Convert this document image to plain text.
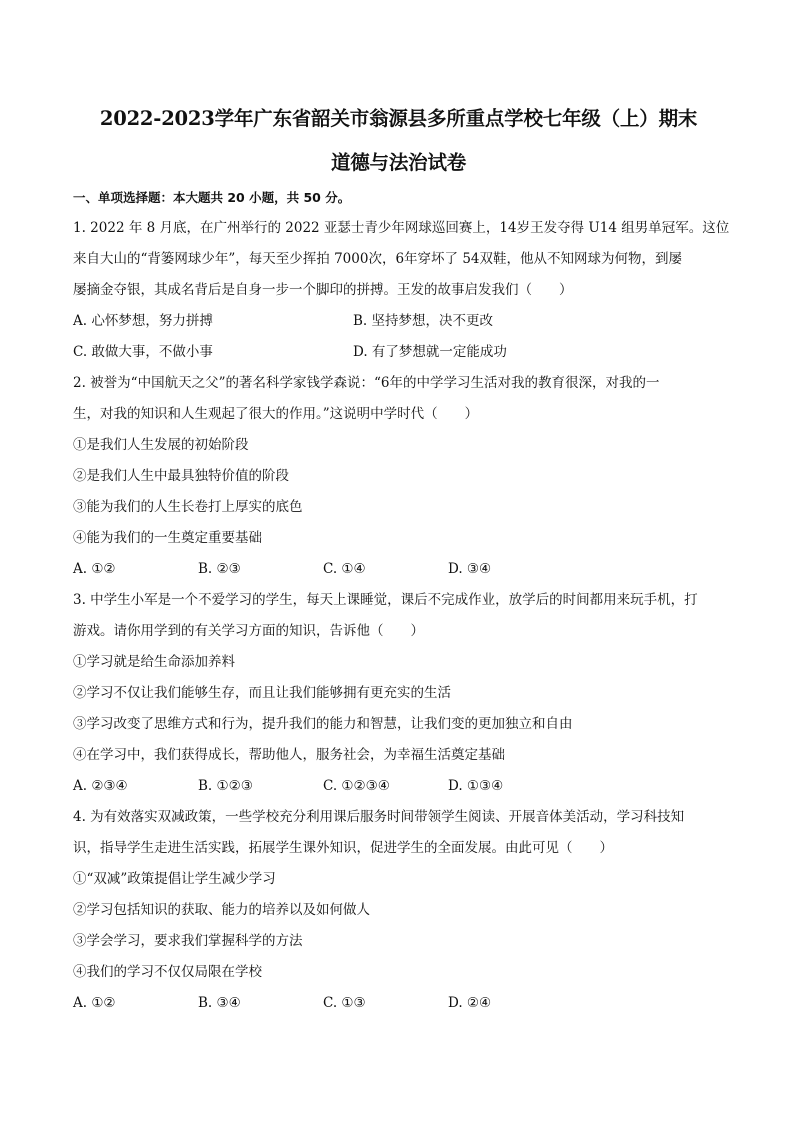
2022-2023学年广东省韶关市翁源县多所重点学校七年级（上）期末
道德与法治试卷
一、单项选择题：本大题共 20 小题，共 50 分。
1. 2022 年 8 月底，在广州举行的 2022 亚瑟士青少年网球巡回赛上，14岁王发夺得 U14 组男单冠军。这位
来自大山的“背篓网球少年”，每天至少挥拍 7000次，6年穿坏了 54双鞋，他从不知网球为何物，到屡
屡摘金夺银，其成名背后是自身一步一个脚印的拼搏。王发的故事启发我们（　　）
A. 心怀梦想，努力拼搏	B. 坚持梦想，决不更改
C. 敢做大事，不做小事	D. 有了梦想就一定能成功
2. 被誉为“中国航天之父”的著名科学家钱学森说：“6年的中学学习生活对我的教育很深，对我的一
生，对我的知识和人生观起了很大的作用。”这说明中学时代（　　）
①是我们人生发展的初始阶段
②是我们人生中最具独特价值的阶段
③能为我们的人生长卷打上厚实的底色
④能为我们的一生奠定重要基础
A. ①②	B. ②③	C. ①④	D. ③④
3. 中学生小军是一个不爱学习的学生，每天上课睡觉，课后不完成作业，放学后的时间都用来玩手机，打
游戏。请你用学到的有关学习方面的知识，告诉他（　　）
①学习就是给生命添加养料
②学习不仅让我们能够生存，而且让我们能够拥有更充实的生活
③学习改变了思维方式和行为，提升我们的能力和智慧，让我们变的更加独立和自由
④在学习中，我们获得成长，帮助他人，服务社会，为幸福生活奠定基础
A. ②③④	B. ①②③	C. ①②③④	D. ①③④
4. 为有效落实双减政策，一些学校充分利用课后服务时间带领学生阅读、开展音体美活动，学习科技知
识，指导学生走进生活实践，拓展学生课外知识，促进学生的全面发展。由此可见（　　）
①“双减”政策提倡让学生减少学习
②学习包括知识的获取、能力的培养以及如何做人
③学会学习，要求我们掌握科学的方法
④我们的学习不仅仅局限在学校
A. ①②	B. ③④	C. ①③	D. ②④
